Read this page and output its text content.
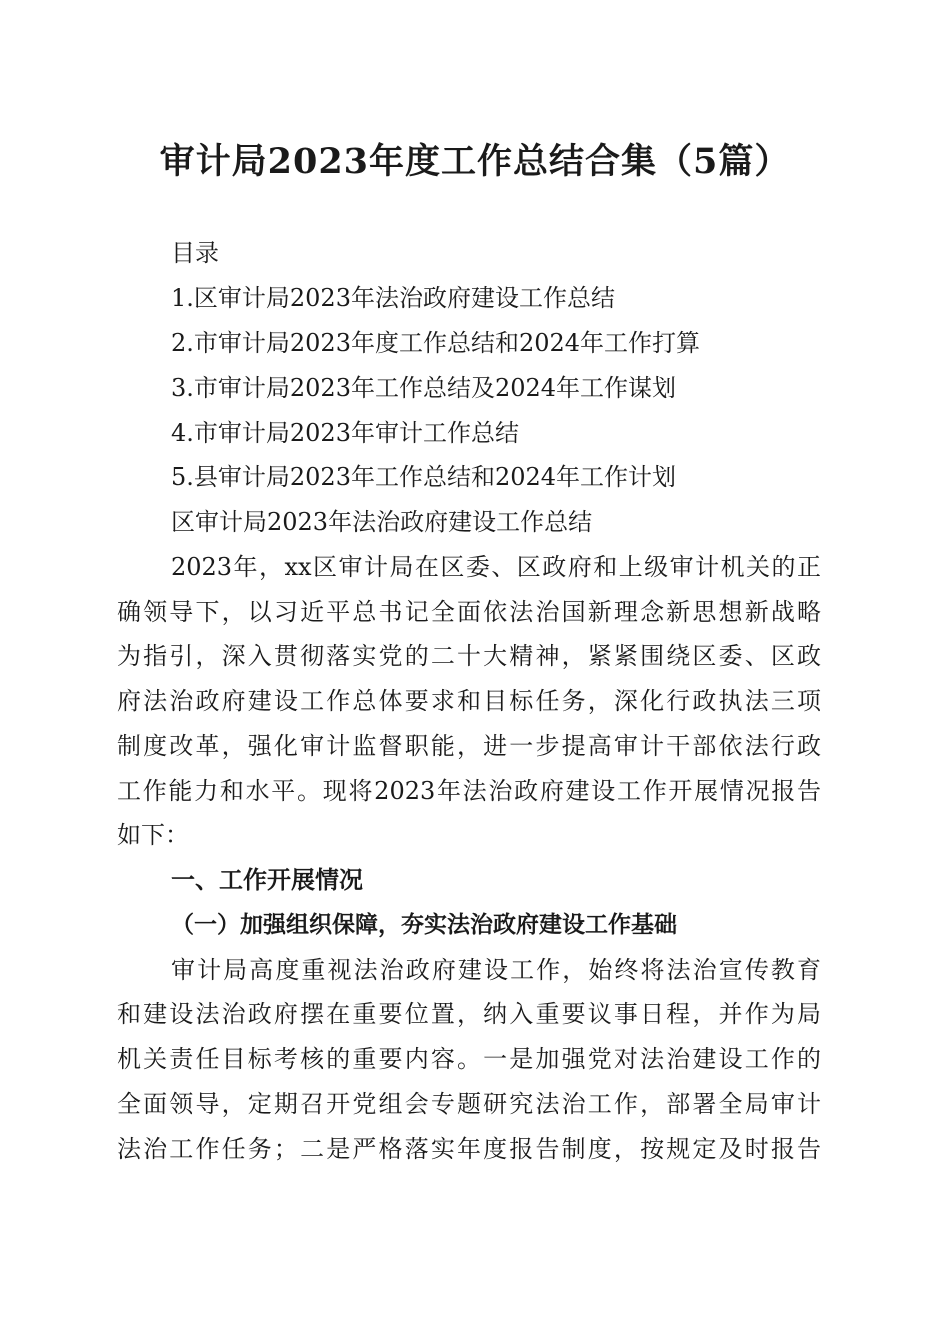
审计局2023年度工作总结合集（5篇）
目录
1.区审计局2023年法治政府建设工作总结
2.市审计局2023年度工作总结和2024年工作打算
3.市审计局2023年工作总结及2024年工作谋划
4.市审计局2023年审计工作总结
5.县审计局2023年工作总结和2024年工作计划
区审计局2023年法治政府建设工作总结
2023年，xx区审计局在区委、区政府和上级审计机关的正
确领导下，以习近平总书记全面依法治国新理念新思想新战略
为指引，深入贯彻落实党的二十大精神，紧紧围绕区委、区政
府法治政府建设工作总体要求和目标任务，深化行政执法三项
制度改革，强化审计监督职能，进一步提高审计干部依法行政
工作能力和水平。现将2023年法治政府建设工作开展情况报告
如下：
一、工作开展情况
（一）加强组织保障，夯实法治政府建设工作基础
审计局高度重视法治政府建设工作，始终将法治宣传教育
和建设法治政府摆在重要位置，纳入重要议事日程，并作为局
机关责任目标考核的重要内容。一是加强党对法治建设工作的
全面领导，定期召开党组会专题研究法治工作，部署全局审计
法治工作任务；二是严格落实年度报告制度，按规定及时报告
